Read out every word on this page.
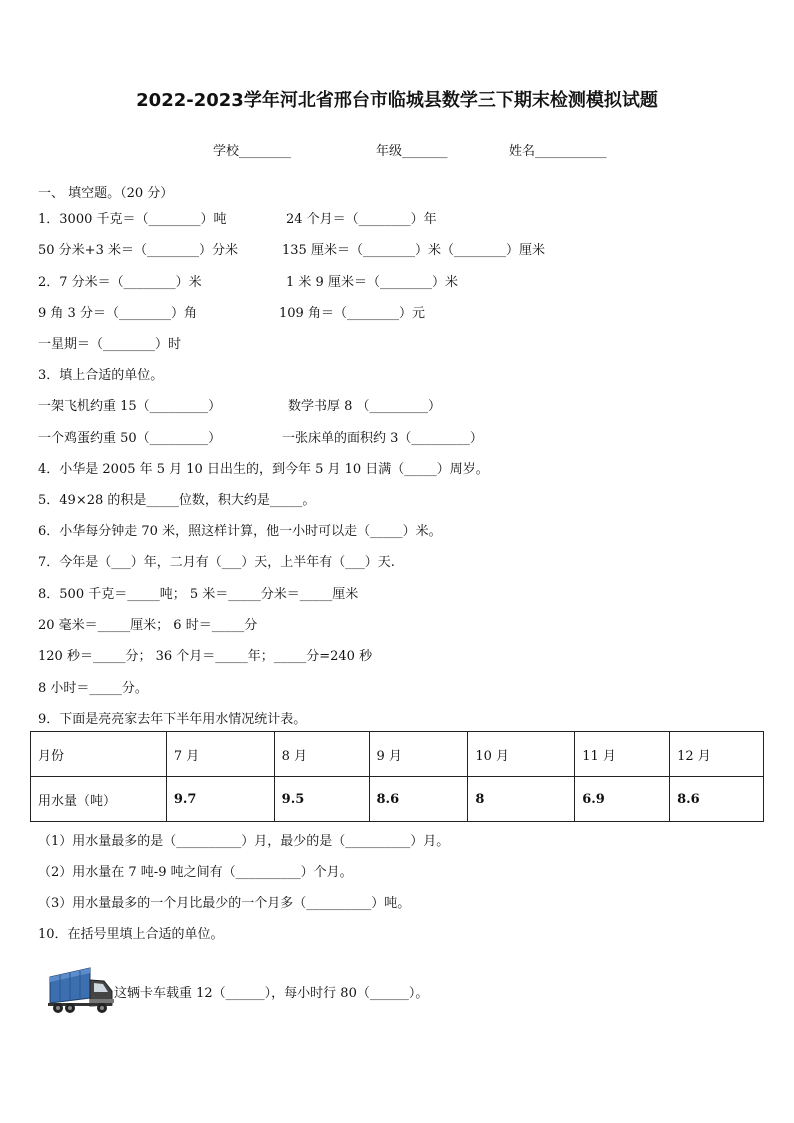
2022-2023学年河北省邢台市临城县数学三下期末检测模拟试题
学校________	年级_______	姓名___________
一、 填空题。（20 分）
1．3000 千克＝（________）吨	24 个月＝（________）年
50 分米+3 米＝（________）分米	135 厘米＝（________）米（________）厘米
2．7 分米＝（________）米	1 米 9 厘米＝（________）米
9 角 3 分＝（________）角	109 角＝（________）元
一星期＝（________）时
3．填上合适的单位。
一架飞机约重 15（_________）	数学书厚 8 （_________）
一个鸡蛋约重 50（_________）	一张床单的面积约 3（_________）
4．小华是 2005 年 5 月 10 日出生的，到今年 5 月 10 日满（_____）周岁。
5．49×28 的积是_____位数，积大约是_____。
6．小华每分钟走 70 米，照这样计算，他一小时可以走（_____）米。
7．今年是（___）年，二月有（___）天，上半年有（___）天.
8．500 千克＝_____吨； 5 米＝_____分米＝_____厘米
20 毫米＝_____厘米； 6 时＝_____分
120 秒＝_____分； 36 个月＝_____年；_____分=240 秒
8 小时＝_____分。
9．下面是亮亮家去年下半年用水情况统计表。
月份	7 月	8 月	9 月	10 月	11 月	12 月
用水量（吨）	9.7	9.5	8.6	8	6.9	8.6
（1）用水量最多的是（__________）月，最少的是（__________）月。
（2）用水量在 7 吨-9 吨之间有（__________）个月。
（3）用水量最多的一个月比最少的一个月多（__________）吨。
10．在括号里填上合适的单位。
这辆卡车载重 12（______），每小时行 80（______）。
